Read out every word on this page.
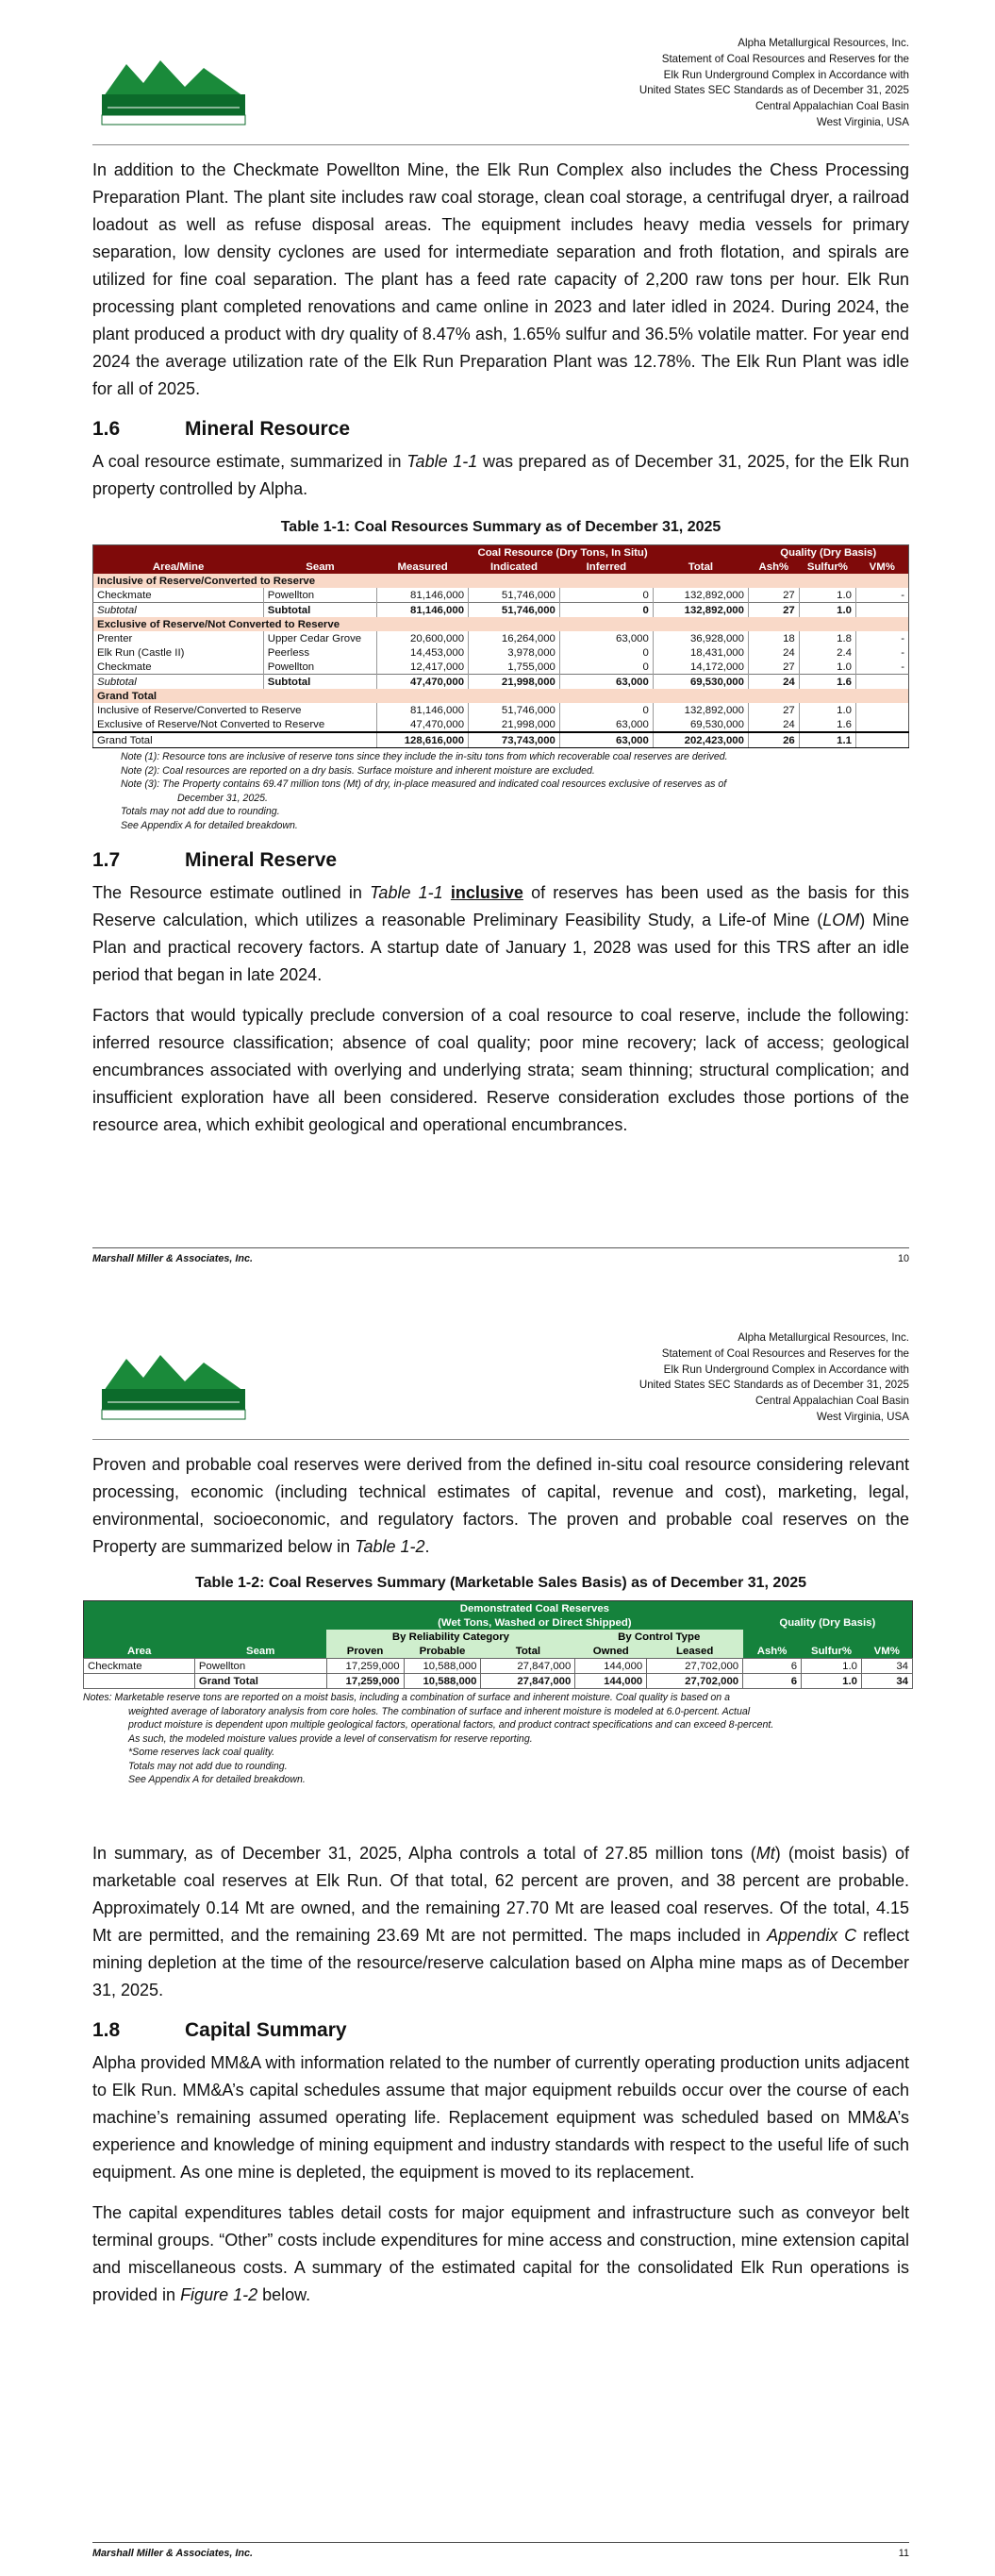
Alpha Metallurgical Resources, Inc.
Statement of Coal Resources and Reserves for the
Elk Run Underground Complex in Accordance with
United States SEC Standards as of December 31, 2025
Central Appalachian Coal Basin
West Virginia, USA

In addition to the Checkmate Powellton Mine, the Elk Run Complex also includes the Chess Processing Preparation Plant. The plant site includes raw coal storage, clean coal storage, a centrifugal dryer, a railroad loadout as well as refuse disposal areas. The equipment includes heavy media vessels for primary separation, low density cyclones are used for intermediate separation and froth flotation, and spirals are utilized for fine coal separation. The plant has a feed rate capacity of 2,200 raw tons per hour. Elk Run processing plant completed renovations and came online in 2023 and later idled in 2024. During 2024, the plant produced a product with dry quality of 8.47% ash, 1.65% sulfur and 36.5% volatile matter. For year end 2024 the average utilization rate of the Elk Run Preparation Plant was 12.78%. The Elk Run Plant was idle for all of 2025.

1.6	Mineral Resource

A coal resource estimate, summarized in Table 1-1 was prepared as of December 31, 2025, for the Elk Run property controlled by Alpha.

Table 1-1: Coal Resources Summary as of December 31, 2025
		Coal Resource (Dry Tons, In Situ)				Quality (Dry Basis)		
Area/Mine	Seam	Measured	Indicated	Inferred	Total	Ash%	Sulfur%	VM%
Inclusive of Reserve/Converted to Reserve								
Checkmate	Powellton	81,146,000	51,746,000	0	132,892,000	27	1.0	-
Subtotal	Subtotal	81,146,000	51,746,000	0	132,892,000	27	1.0	
Exclusive of Reserve/Not Converted to Reserve								
Prenter	Upper Cedar Grove	20,600,000	16,264,000	63,000	36,928,000	18	1.8	-
Elk Run (Castle II)	Peerless	14,453,000	3,978,000	0	18,431,000	24	2.4	-
Checkmate	Powellton	12,417,000	1,755,000	0	14,172,000	27	1.0	-
Subtotal	Subtotal	47,470,000	21,998,000	63,000	69,530,000	24	1.6	
Grand Total								
Inclusive of Reserve/Converted to Reserve		81,146,000	51,746,000	0	132,892,000	27	1.0	
Exclusive of Reserve/Not Converted to Reserve		47,470,000	21,998,000	63,000	69,530,000	24	1.6	
Grand Total		128,616,000	73,743,000	63,000	202,423,000	26	1.1	
Note (1): Resource tons are inclusive of reserve tons since they include the in-situ tons from which recoverable coal reserves are derived.
Note (2): Coal resources are reported on a dry basis. Surface moisture and inherent moisture are excluded.
Note (3): The Property contains 69.47 million tons (Mt) of dry, in-place measured and indicated coal resources exclusive of reserves as of
December 31, 2025.
Totals may not add due to rounding.
See Appendix A for detailed breakdown.
1.7	Mineral Reserve

The Resource estimate outlined in Table 1-1 inclusive of reserves has been used as the basis for this Reserve calculation, which utilizes a reasonable Preliminary Feasibility Study, a Life-of Mine (LOM) Mine Plan and practical recovery factors. A startup date of January 1, 2028 was used for this TRS after an idle period that began in late 2024.

Factors that would typically preclude conversion of a coal resource to coal reserve, include the following: inferred resource classification; absence of coal quality; poor mine recovery; lack of access; geological encumbrances associated with overlying and underlying strata; seam thinning; structural complication; and insufficient exploration have all been considered. Reserve consideration excludes those portions of the resource area, which exhibit geological and operational encumbrances.

Marshall Miller & Associates, Inc.	10
Alpha Metallurgical Resources, Inc.
Statement of Coal Resources and Reserves for the
Elk Run Underground Complex in Accordance with
United States SEC Standards as of December 31, 2025
Central Appalachian Coal Basin
West Virginia, USA

Proven and probable coal reserves were derived from the defined in-situ coal resource considering relevant processing, economic (including technical estimates of capital, revenue and cost), marketing, legal, environmental, socioeconomic, and regulatory factors. The proven and probable coal reserves on the Property are summarized below in Table 1-2.

Table 1-2: Coal Reserves Summary (Marketable Sales Basis) as of December 31, 2025
		Demonstrated Coal Reserves					Quality (Dry Basis)		
		(Wet Tons, Washed or Direct Shipped)							
		By Reliability Category			By Control Type				
Area	Seam	Proven	Probable	Total	Owned	Leased	Ash%	Sulfur%	VM%
Checkmate	Powellton	17,259,000	10,588,000	27,847,000	144,000	27,702,000	6	1.0	34
	Grand Total	17,259,000	10,588,000	27,847,000	144,000	27,702,000	6	1.0	34
Notes: Marketable reserve tons are reported on a moist basis, including a combination of surface and inherent moisture. Coal quality is based on a
weighted average of laboratory analysis from core holes. The combination of surface and inherent moisture is modeled at 6.0-percent. Actual
product moisture is dependent upon multiple geological factors, operational factors, and product contract specifications and can exceed 8-percent.
As such, the modeled moisture values provide a level of conservatism for reserve reporting.
*Some reserves lack coal quality.
Totals may not add due to rounding.
See Appendix A for detailed breakdown.

In summary, as of December 31, 2025, Alpha controls a total of 27.85 million tons (Mt) (moist basis) of marketable coal reserves at Elk Run. Of that total, 62 percent are proven, and 38 percent are probable. Approximately 0.14 Mt are owned, and the remaining 27.70 Mt are leased coal reserves. Of the total, 4.15 Mt are permitted, and the remaining 23.69 Mt are not permitted. The maps included in Appendix C reflect mining depletion at the time of the resource/reserve calculation based on Alpha mine maps as of December 31, 2025.

1.8	Capital Summary

Alpha provided MM&A with information related to the number of currently operating production units adjacent to Elk Run. MM&A’s capital schedules assume that major equipment rebuilds occur over the course of each machine’s remaining assumed operating life. Replacement equipment was scheduled based on MM&A’s experience and knowledge of mining equipment and industry standards with respect to the useful life of such equipment. As one mine is depleted, the equipment is moved to its replacement.

The capital expenditures tables detail costs for major equipment and infrastructure such as conveyor belt terminal groups. “Other” costs include expenditures for mine access and construction, mine extension capital and miscellaneous costs. A summary of the estimated capital for the consolidated Elk Run operations is provided in Figure 1-2 below.

Marshall Miller & Associates, Inc.	11
